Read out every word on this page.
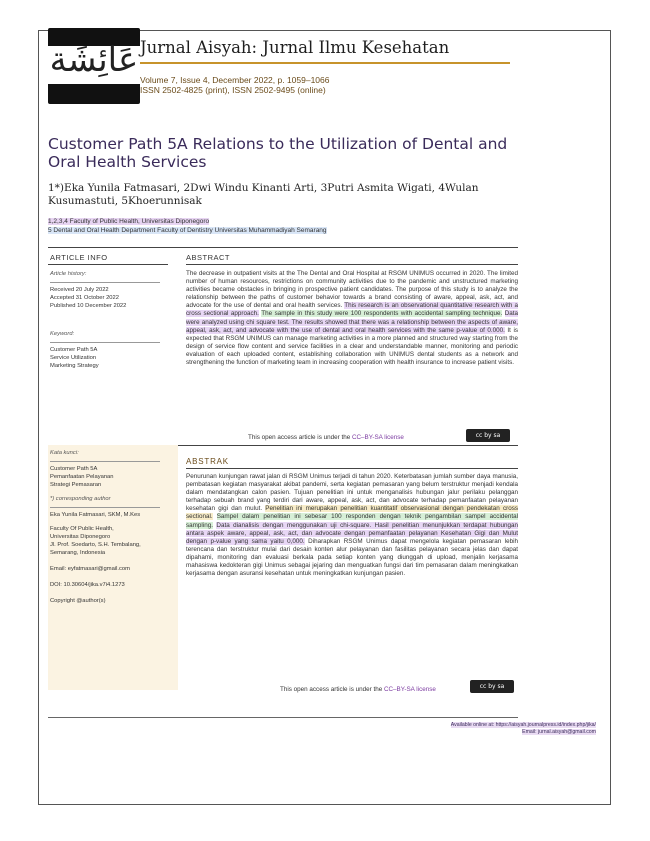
عَائِشَة Jurnal Aisyah: Jurnal Ilmu Kesehatan
Volume 7, Issue 4, December 2022, p. 1059–1066
ISSN 2502-4825 (print), ISSN 2502-9495 (online)
Customer Path 5A Relations to the Utilization of Dental and Oral Health Services
1*)Eka Yunila Fatmasari, 2Dwi Windu Kinanti Arti, 3Putri Asmita Wigati, 4Wulan Kusumastuti, 5Khoerunnisak
1,2,3,4 Faculty of Public Health, Universitas Diponegoro
5 Dental and Oral Health Department Faculty of Dentistry Universitas Muhammadiyah Semarang
ARTICLE INFO	ABSTRACT
Article history:
Received 20 July 2022
Accepted 31 October 2022
Published 10 December 2022
Keyword:
Customer Path 5A
Service Utilization
Marketing Strategy
The decrease in outpatient visits at the The Dental and Oral Hospital at RSGM UNIMUS occurred in 2020. The limited number of human resources, restrictions on community activities due to the pandemic and unstructured marketing activities became obstacles in bringing in prospective patient candidates. The purpose of this study is to analyze the relationship between the paths of customer behavior towards a brand consisting of aware, appeal, ask, act, and advocate for the use of dental and oral health services. This research is an observational quantitative research with a cross sectional approach. The sample in this study were 100 respondents with accidental sampling technique. Data were analyzed using chi square test. The results showed that there was a relationship between the aspects of aware, appeal, ask, act, and advocate with the use of dental and oral health services with the same p-value of 0.000. It is expected that RSGM UNIMUS can manage marketing activities in a more planned and structured way starting from the design of service flow content and service facilities in a clear and understandable manner, monitoring and periodic evaluation of each uploaded content, establishing collaboration with UNIMUS dental students as a network and strengthening the function of marketing team in increasing cooperation with health insurance to increase patient visits.
This open access article is under the CC–BY-SA license	cc by sa
Kata kunci:
Customer Path 5A
Pemanfaatan Pelayanan
Strategi Pemasaran
*) corresponding author
Eka Yunila Fatmasari, SKM, M.Kes
Faculty Of Public Health,
Universitas Diponegoro
Jl. Prof. Soedarto, S.H. Tembalang,
Semarang, Indonesia
Email: eyfatmasari@gmail.com
DOI: 10.30604/jika.v7i4.1273
Copyright @author(s)
ABSTRAK
Penurunan kunjungan rawat jalan di RSGM Unimus terjadi di tahun 2020. Keterbatasan jumlah sumber daya manusia, pembatasan kegiatan masyarakat akibat pandemi, serta kegiatan pemasaran yang belum terstruktur menjadi kendala dalam mendatangkan calon pasien. Tujuan penelitian ini untuk menganalisis hubungan jalur perilaku pelanggan terhadap sebuah brand yang terdiri dari aware, appeal, ask, act, dan advocate terhadap pemanfaatan pelayanan kesehatan gigi dan mulut. Penelitian ini merupakan penelitian kuantitatif observasional dengan pendekatan cross sectional. Sampel dalam penelitian ini sebesar 100 responden dengan teknik pengambilan sampel accidental sampling. Data dianalisis dengan menggunakan uji chi-square. Hasil penelitian menunjukkan terdapat hubungan antara aspek aware, appeal, ask, act, dan advocate dengan pemanfaatan pelayanan Kesehatan Gigi dan Mulut dengan p-value yang sama yaitu 0,000. Diharapkan RSGM Unimus dapat mengelola kegiatan pemasaran lebih terencana dan terstruktur mulai dari desain konten alur pelayanan dan fasilitas pelayanan secara jelas dan dapat dipahami, monitoring dan evaluasi berkala pada setiap konten yang diunggah di upload, menjalin kerjasama mahasiswa kedokteran gigi Unimus sebagai jejaring dan menguatkan fungsi dari tim pemasaran dalam meningkatkan kerjasama dengan asuransi kesehatan untuk meningkatkan kunjungan pasien.
This open access article is under the CC–BY-SA license	cc by sa
Available online at: https://aisyah.journalpress.id/index.php/jika/
Email: jurnal.aisyah@gmail.com
